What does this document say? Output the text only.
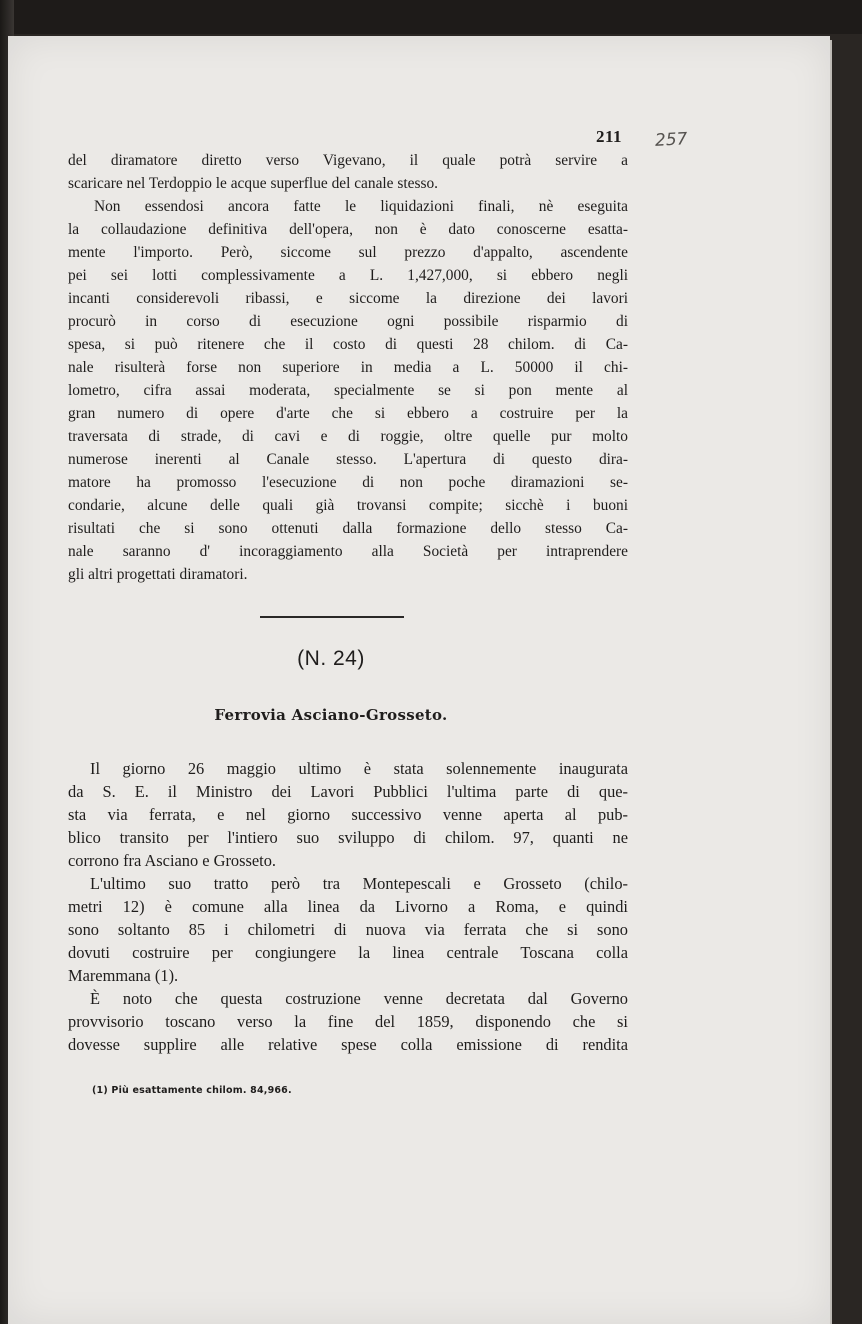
211 257
del diramatore diretto verso Vigevano, il quale potrà servire a
scaricare nel Terdoppio le acque superflue del canale stesso.
Non essendosi ancora fatte le liquidazioni finali, nè eseguita
la collaudazione definitiva dell'opera, non è dato conoscerne esatta-
mente l'importo. Però, siccome sul prezzo d'appalto, ascendente
pei sei lotti complessivamente a L. 1,427,000, si ebbero negli
incanti considerevoli ribassi, e siccome la direzione dei lavori
procurò in corso di esecuzione ogni possibile risparmio di
spesa, si può ritenere che il costo di questi 28 chilom. di Ca-
nale risulterà forse non superiore in media a L. 50000 il chi-
lometro, cifra assai moderata, specialmente se si pon mente al
gran numero di opere d'arte che si ebbero a costruire per la
traversata di strade, di cavi e di roggie, oltre quelle pur molto
numerose inerenti al Canale stesso. L'apertura di questo dira-
matore ha promosso l'esecuzione di non poche diramazioni se-
condarie, alcune delle quali già trovansi compite; sicchè i buoni
risultati che si sono ottenuti dalla formazione dello stesso Ca-
nale saranno d' incoraggiamento alla Società per intraprendere
gli altri progettati diramatori.
(N. 24)
Ferrovia Asciano-Grosseto.
Il giorno 26 maggio ultimo è stata solennemente inaugurata
da S. E. il Ministro dei Lavori Pubblici l'ultima parte di que-
sta via ferrata, e nel giorno successivo venne aperta al pub-
blico transito per l'intiero suo sviluppo di chilom. 97, quanti ne
corrono fra Asciano e Grosseto.
L'ultimo suo tratto però tra Montepescali e Grosseto (chilo-
metri 12) è comune alla linea da Livorno a Roma, e quindi
sono soltanto 85 i chilometri di nuova via ferrata che si sono
dovuti costruire per congiungere la linea centrale Toscana colla
Maremmana (1).
È noto che questa costruzione venne decretata dal Governo
provvisorio toscano verso la fine del 1859, disponendo che si
dovesse supplire alle relative spese colla emissione di rendita
(1) Più esattamente chilom. 84,966.
